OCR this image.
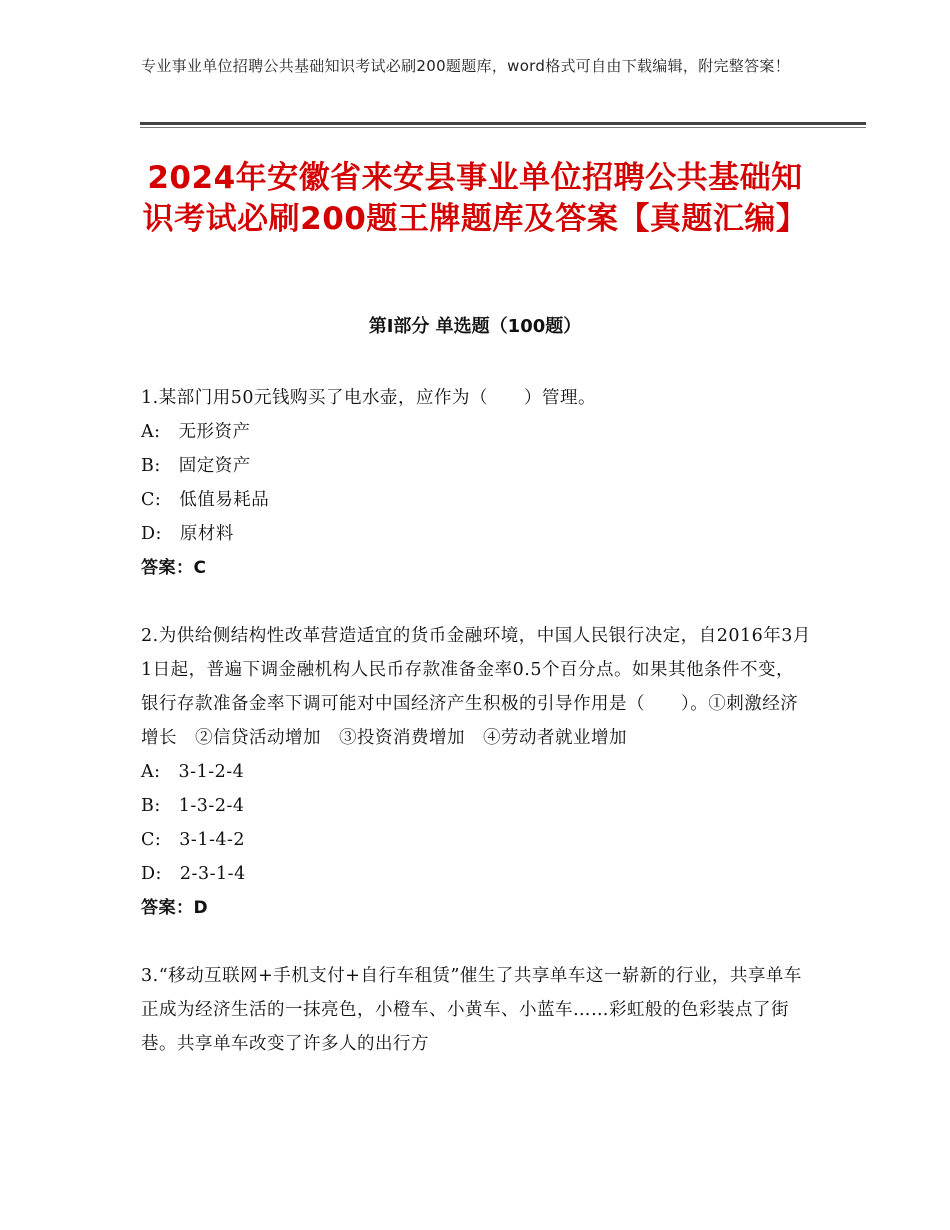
专业事业单位招聘公共基础知识考试必刷200题题库，word格式可自由下载编辑，附完整答案！
2024年安徽省来安县事业单位招聘公共基础知识考试必刷200题王牌题库及答案【真题汇编】
第Ⅰ部分 单选题（100题）

1.某部门用50元钱购买了电水壶，应作为（　　）管理。

A:　无形资产

B:　固定资产

C:　低值易耗品

D:　原材料

答案：C

2.为供给侧结构性改革营造适宜的货币金融环境，中国人民银行决定，自2016年3月1日起，普遍下调金融机构人民币存款准备金率0.5个百分点。如果其他条件不变，银行存款准备金率下调可能对中国经济产生积极的引导作用是（　　）。①刺激经济增长　②信贷活动增加　③投资消费增加　④劳动者就业增加

A:　3-1-2-4

B:　1-3-2-4

C:　3-1-4-2

D:　2-3-1-4

答案：D

3.“移动互联网+手机支付+自行车租赁”催生了共享单车这一崭新的行业，共享单车正成为经济生活的一抹亮色，小橙车、小黄车、小蓝车……彩虹般的色彩装点了街巷。共享单车改变了许多人的出行方
